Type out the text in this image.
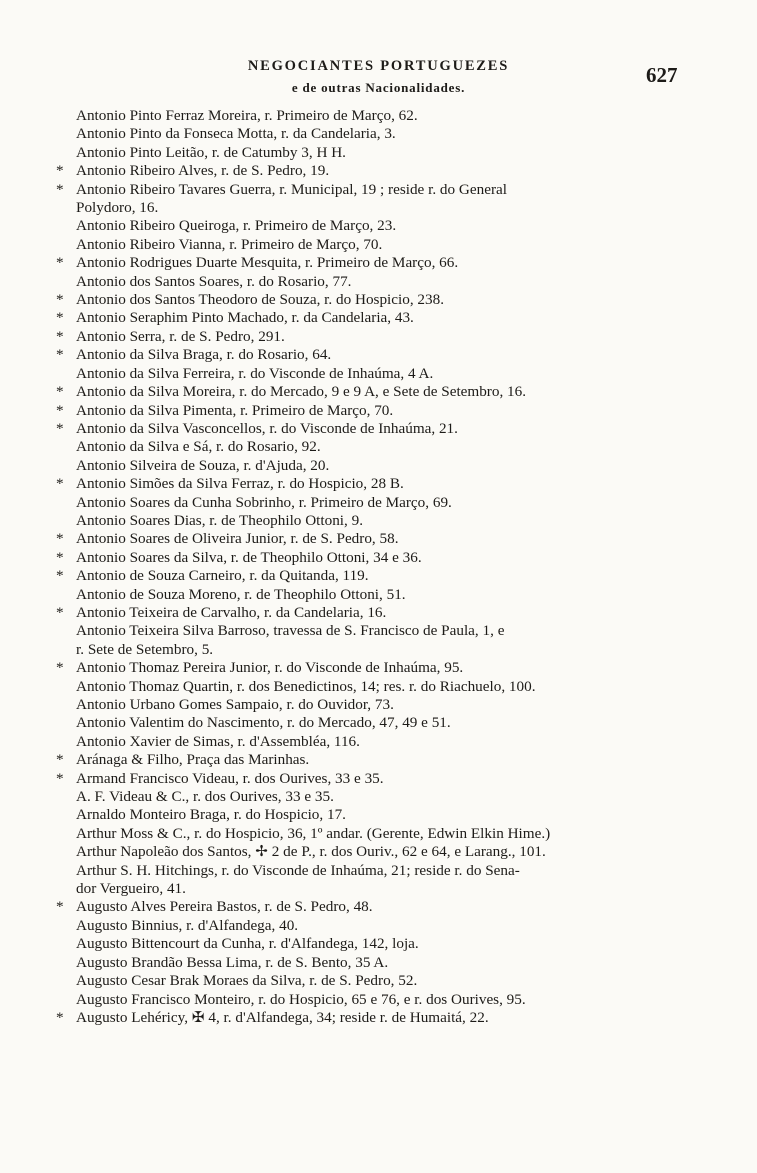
NEGOCIANTES PORTUGUEZES
e de outras Nacionalidades.
627
Antonio Pinto Ferraz Moreira, r. Primeiro de Março, 62.
Antonio Pinto da Fonseca Motta, r. da Candelaria, 3.
Antonio Pinto Leitão, r. de Catumby 3, H H.
* Antonio Ribeiro Alves, r. de S. Pedro, 19.
* Antonio Ribeiro Tavares Guerra, r. Municipal, 19 ; reside r. do General
Polydoro, 16.
Antonio Ribeiro Queiroga, r. Primeiro de Março, 23.
Antonio Ribeiro Vianna, r. Primeiro de Março, 70.
* Antonio Rodrigues Duarte Mesquita, r. Primeiro de Março, 66.
Antonio dos Santos Soares, r. do Rosario, 77.
* Antonio dos Santos Theodoro de Souza, r. do Hospicio, 238.
* Antonio Seraphim Pinto Machado, r. da Candelaria, 43.
* Antonio Serra, r. de S. Pedro, 291.
* Antonio da Silva Braga, r. do Rosario, 64.
Antonio da Silva Ferreira, r. do Visconde de Inhaúma, 4 A.
* Antonio da Silva Moreira, r. do Mercado, 9 e 9 A, e Sete de Setembro, 16.
* Antonio da Silva Pimenta, r. Primeiro de Março, 70.
* Antonio da Silva Vasconcellos, r. do Visconde de Inhaúma, 21.
Antonio da Silva e Sá, r. do Rosario, 92.
Antonio Silveira de Souza, r. d'Ajuda, 20.
* Antonio Simões da Silva Ferraz, r. do Hospicio, 28 B.
Antonio Soares da Cunha Sobrinho, r. Primeiro de Março, 69.
Antonio Soares Dias, r. de Theophilo Ottoni, 9.
* Antonio Soares de Oliveira Junior, r. de S. Pedro, 58.
* Antonio Soares da Silva, r. de Theophilo Ottoni, 34 e 36.
* Antonio de Souza Carneiro, r. da Quitanda, 119.
Antonio de Souza Moreno, r. de Theophilo Ottoni, 51.
* Antonio Teixeira de Carvalho, r. da Candelaria, 16.
Antonio Teixeira Silva Barroso, travessa de S. Francisco de Paula, 1, e
r. Sete de Setembro, 5.
* Antonio Thomaz Pereira Junior, r. do Visconde de Inhaúma, 95.
Antonio Thomaz Quartin, r. dos Benedictinos, 14; res. r. do Riachuelo, 100.
Antonio Urbano Gomes Sampaio, r. do Ouvidor, 73.
Antonio Valentim do Nascimento, r. do Mercado, 47, 49 e 51.
Antonio Xavier de Simas, r. d'Assembléa, 116.
* Aránaga & Filho, Praça das Marinhas.
* Armand Francisco Videau, r. dos Ourives, 33 e 35.
A. F. Videau & C., r. dos Ourives, 33 e 35.
Arnaldo Monteiro Braga, r. do Hospicio, 17.
Arthur Moss & C., r. do Hospicio, 36, 1º andar. (Gerente, Edwin Elkin Hime.)
Arthur Napoleão dos Santos, ✢ 2 de P., r. dos Ouriv., 62 e 64, e Larang., 101.
Arthur S. H. Hitchings, r. do Visconde de Inhaúma, 21; reside r. do Sena-
dor Vergueiro, 41.
* Augusto Alves Pereira Bastos, r. de S. Pedro, 48.
Augusto Binnius, r. d'Alfandega, 40.
Augusto Bittencourt da Cunha, r. d'Alfandega, 142, loja.
Augusto Brandão Bessa Lima, r. de S. Bento, 35 A.
Augusto Cesar Brak Moraes da Silva, r. de S. Pedro, 52.
Augusto Francisco Monteiro, r. do Hospicio, 65 e 76, e r. dos Ourives, 95.
* Augusto Lehéricy, ✠ 4, r. d'Alfandega, 34; reside r. de Humaitá, 22.
